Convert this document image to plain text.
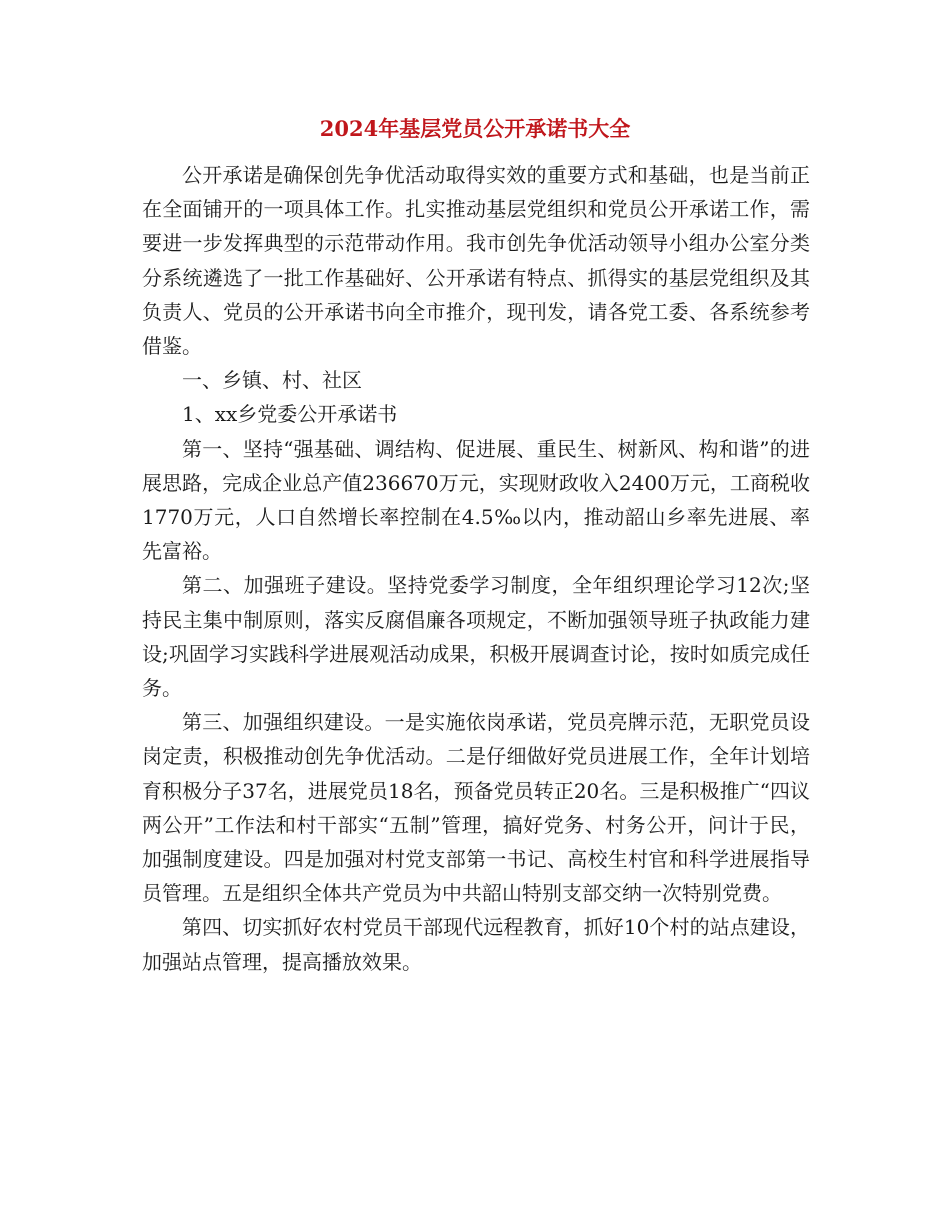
2024年基层党员公开承诺书大全

公开承诺是确保创先争优活动取得实效的重要方式和基础，也是当前正在全面铺开的一项具体工作。扎实推动基层党组织和党员公开承诺工作，需要进一步发挥典型的示范带动作用。我市创先争优活动领导小组办公室分类分系统遴选了一批工作基础好、公开承诺有特点、抓得实的基层党组织及其负责人、党员的公开承诺书向全市推介，现刊发，请各党工委、各系统参考借鉴。

一、乡镇、村、社区

1、xx乡党委公开承诺书

第一、坚持“强基础、调结构、促进展、重民生、树新风、构和谐”的进展思路，完成企业总产值236670万元，实现财政收入2400万元，工商税收1770万元，人口自然增长率控制在4.5‰以内，推动韶山乡率先进展、率先富裕。

第二、加强班子建设。坚持党委学习制度，全年组织理论学习12次;坚持民主集中制原则，落实反腐倡廉各项规定，不断加强领导班子执政能力建设;巩固学习实践科学进展观活动成果，积极开展调查讨论，按时如质完成任务。

第三、加强组织建设。一是实施依岗承诺，党员亮牌示范，无职党员设岗定责，积极推动创先争优活动。二是仔细做好党员进展工作，全年计划培育积极分子37名，进展党员18名，预备党员转正20名。三是积极推广“四议两公开”工作法和村干部实“五制”管理，搞好党务、村务公开，问计于民，加强制度建设。四是加强对村党支部第一书记、高校生村官和科学进展指导员管理。五是组织全体共产党员为中共韶山特别支部交纳一次特别党费。

第四、切实抓好农村党员干部现代远程教育，抓好10个村的站点建设，加强站点管理，提高播放效果。
